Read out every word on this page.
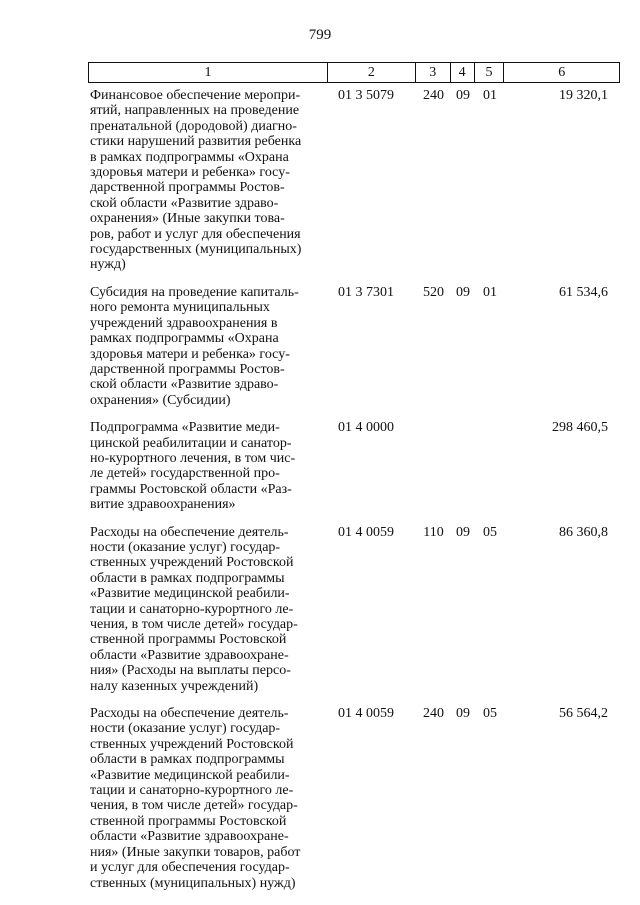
799
1	2	3	4	5	6
Финансовое обеспечение меропри-
ятий, направленных на проведение
пренатальной (дородовой) диагно-
стики нарушений развития ребенка
в рамках подпрограммы «Охрана
здоровья матери и ребенка» госу-
дарственной программы Ростов-
ской области «Развитие здраво-
охранения» (Иные закупки това-
ров, работ и услуг для обеспечения
государственных (муниципальных)
нужд)
01 3 5079	240 09 01	19 320,1
Субсидия на проведение капиталь-
ного ремонта муниципальных
учреждений здравоохранения в
рамках подпрограммы «Охрана
здоровья матери и ребенка» госу-
дарственной программы Ростов-
ской области «Развитие здраво-
охранения» (Субсидии)
01 3 7301	520 09 01	61 534,6
Подпрограмма «Развитие меди-
цинской реабилитации и санатор-
но-курортного лечения, в том чис-
ле детей» государственной про-
граммы Ростовской области «Раз-
витие здравоохранения»
01 4 0000	298 460,5
Расходы на обеспечение деятель-
ности (оказание услуг) государ-
ственных учреждений Ростовской
области в рамках подпрограммы
«Развитие медицинской реабили-
тации и санаторно-курортного ле-
чения, в том числе детей» государ-
ственной программы Ростовской
области «Развитие здравоохране-
ния» (Расходы на выплаты персо-
налу казенных учреждений)
01 4 0059	110 09 05	86 360,8
Расходы на обеспечение деятель-
ности (оказание услуг) государ-
ственных учреждений Ростовской
области в рамках подпрограммы
«Развитие медицинской реабили-
тации и санаторно-курортного ле-
чения, в том числе детей» государ-
ственной программы Ростовской
области «Развитие здравоохране-
ния» (Иные закупки товаров, работ
и услуг для обеспечения государ-
ственных (муниципальных) нужд)
01 4 0059	240 09 05	56 564,2
